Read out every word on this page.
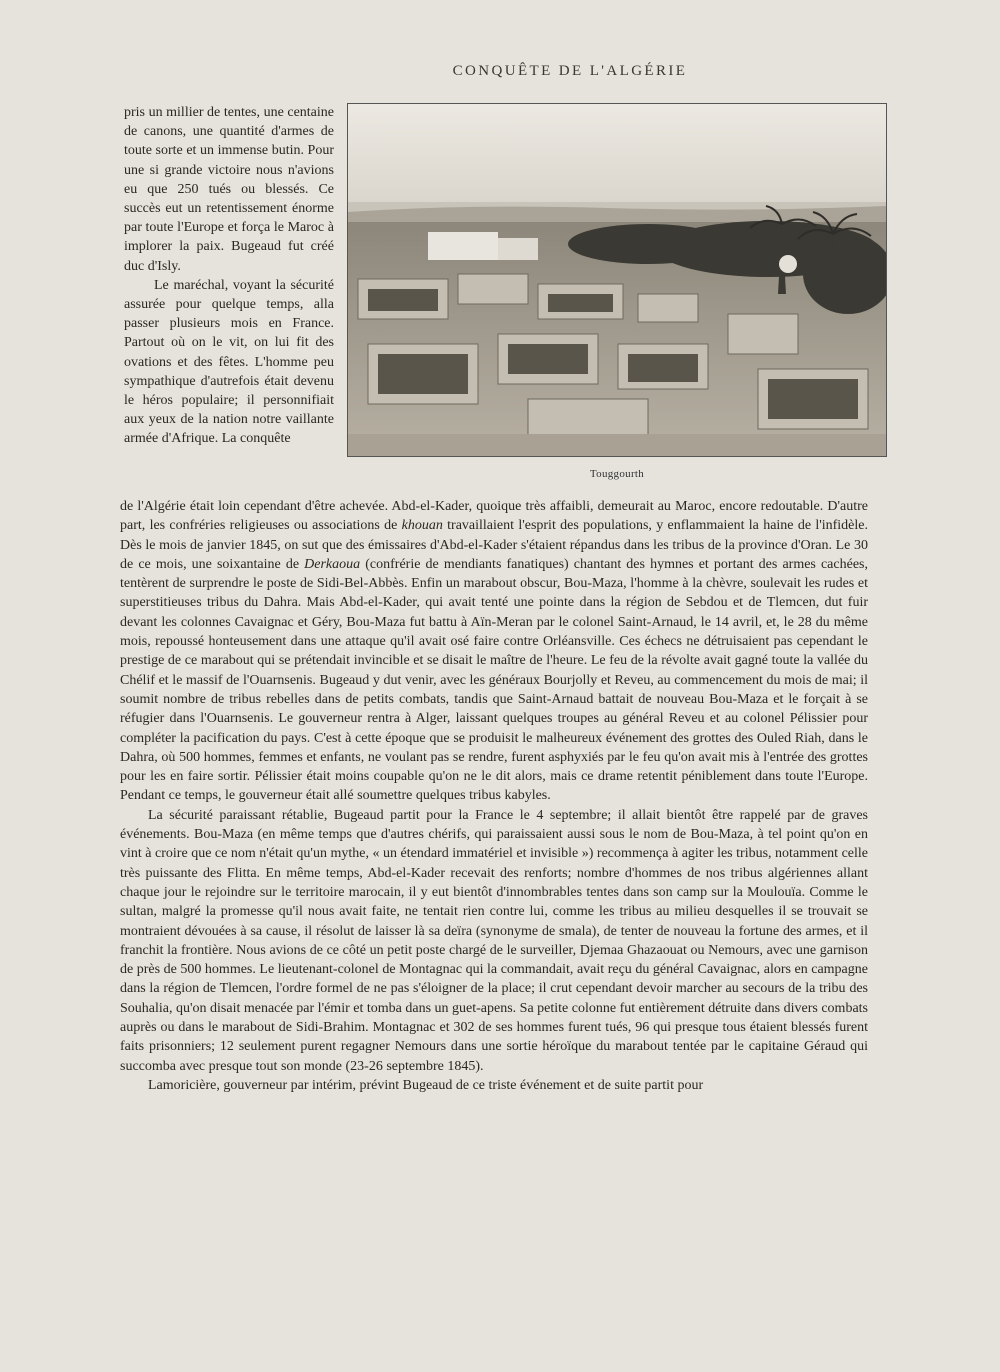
CONQUÊTE DE L'ALGÉRIE
Touggourth

pris un millier de tentes, une centaine de canons, une quantité d'armes de toute sorte et un immense butin. Pour une si grande victoire nous n'avions eu que 250 tués ou blessés. Ce succès eut un retentissement énorme par toute l'Europe et força le Maroc à implorer la paix. Bugeaud fut créé duc d'Isly.

Le maréchal, voyant la sécurité assurée pour quelque temps, alla passer plusieurs mois en France. Partout où on le vit, on lui fit des ovations et des fêtes. L'homme peu sympathique d'autrefois était devenu le héros populaire; il personnifiait aux yeux de la nation notre vaillante armée d'Afrique. La conquête

de l'Algérie était loin cependant d'être achevée. Abd-el-Kader, quoique très affaibli, demeurait au Maroc, encore redoutable. D'autre part, les confréries religieuses ou associations de khouan travaillaient l'esprit des populations, y enflammaient la haine de l'infidèle. Dès le mois de janvier 1845, on sut que des émissaires d'Abd-el-Kader s'étaient répandus dans les tribus de la province d'Oran. Le 30 de ce mois, une soixantaine de Derkaoua (confrérie de mendiants fanatiques) chantant des hymnes et portant des armes cachées, tentèrent de surprendre le poste de Sidi-Bel-Abbès. Enfin un marabout obscur, Bou-Maza, l'homme à la chèvre, soulevait les rudes et superstitieuses tribus du Dahra. Mais Abd-el-Kader, qui avait tenté une pointe dans la région de Sebdou et de Tlemcen, dut fuir devant les colonnes Cavaignac et Géry, Bou-Maza fut battu à Aïn-Meran par le colonel Saint-Arnaud, le 14 avril, et, le 28 du même mois, repoussé honteusement dans une attaque qu'il avait osé faire contre Orléansville. Ces échecs ne détruisaient pas cependant le prestige de ce marabout qui se prétendait invincible et se disait le maître de l'heure. Le feu de la révolte avait gagné toute la vallée du Chélif et le massif de l'Ouarnsenis. Bugeaud y dut venir, avec les généraux Bourjolly et Reveu, au commencement du mois de mai; il soumit nombre de tribus rebelles dans de petits combats, tandis que Saint-Arnaud battait de nouveau Bou-Maza et le forçait à se réfugier dans l'Ouarnsenis. Le gouverneur rentra à Alger, laissant quelques troupes au général Reveu et au colonel Pélissier pour compléter la pacification du pays. C'est à cette époque que se produisit le malheureux événement des grottes des Ouled Riah, dans le Dahra, où 500 hommes, femmes et enfants, ne voulant pas se rendre, furent asphyxiés par le feu qu'on avait mis à l'entrée des grottes pour les en faire sortir. Pélissier était moins coupable qu'on ne le dit alors, mais ce drame retentit péniblement dans toute l'Europe. Pendant ce temps, le gouverneur était allé soumettre quelques tribus kabyles.

La sécurité paraissant rétablie, Bugeaud partit pour la France le 4 septembre; il allait bientôt être rappelé par de graves événements. Bou-Maza (en même temps que d'autres chérifs, qui paraissaient aussi sous le nom de Bou-Maza, à tel point qu'on en vint à croire que ce nom n'était qu'un mythe, « un étendard immatériel et invisible ») recommença à agiter les tribus, notamment celle très puissante des Flitta. En même temps, Abd-el-Kader recevait des renforts; nombre d'hommes de nos tribus algériennes allant chaque jour le rejoindre sur le territoire marocain, il y eut bientôt d'innombrables tentes dans son camp sur la Moulouïa. Comme le sultan, malgré la promesse qu'il nous avait faite, ne tentait rien contre lui, comme les tribus au milieu desquelles il se trouvait se montraient dévouées à sa cause, il résolut de laisser là sa deïra (synonyme de smala), de tenter de nouveau la fortune des armes, et il franchit la frontière. Nous avions de ce côté un petit poste chargé de le surveiller, Djemaa Ghazaouat ou Nemours, avec une garnison de près de 500 hommes. Le lieutenant-colonel de Montagnac qui la commandait, avait reçu du général Cavaignac, alors en campagne dans la région de Tlemcen, l'ordre formel de ne pas s'éloigner de la place; il crut cependant devoir marcher au secours de la tribu des Souhalia, qu'on disait menacée par l'émir et tomba dans un guet-apens. Sa petite colonne fut entièrement détruite dans divers combats auprès ou dans le marabout de Sidi-Brahim. Montagnac et 302 de ses hommes furent tués, 96 qui presque tous étaient blessés furent faits prisonniers; 12 seulement purent regagner Nemours dans une sortie héroïque du marabout tentée par le capitaine Géraud qui succomba avec presque tout son monde (23-26 septembre 1845).

Lamoricière, gouverneur par intérim, prévint Bugeaud de ce triste événement et de suite partit pour
